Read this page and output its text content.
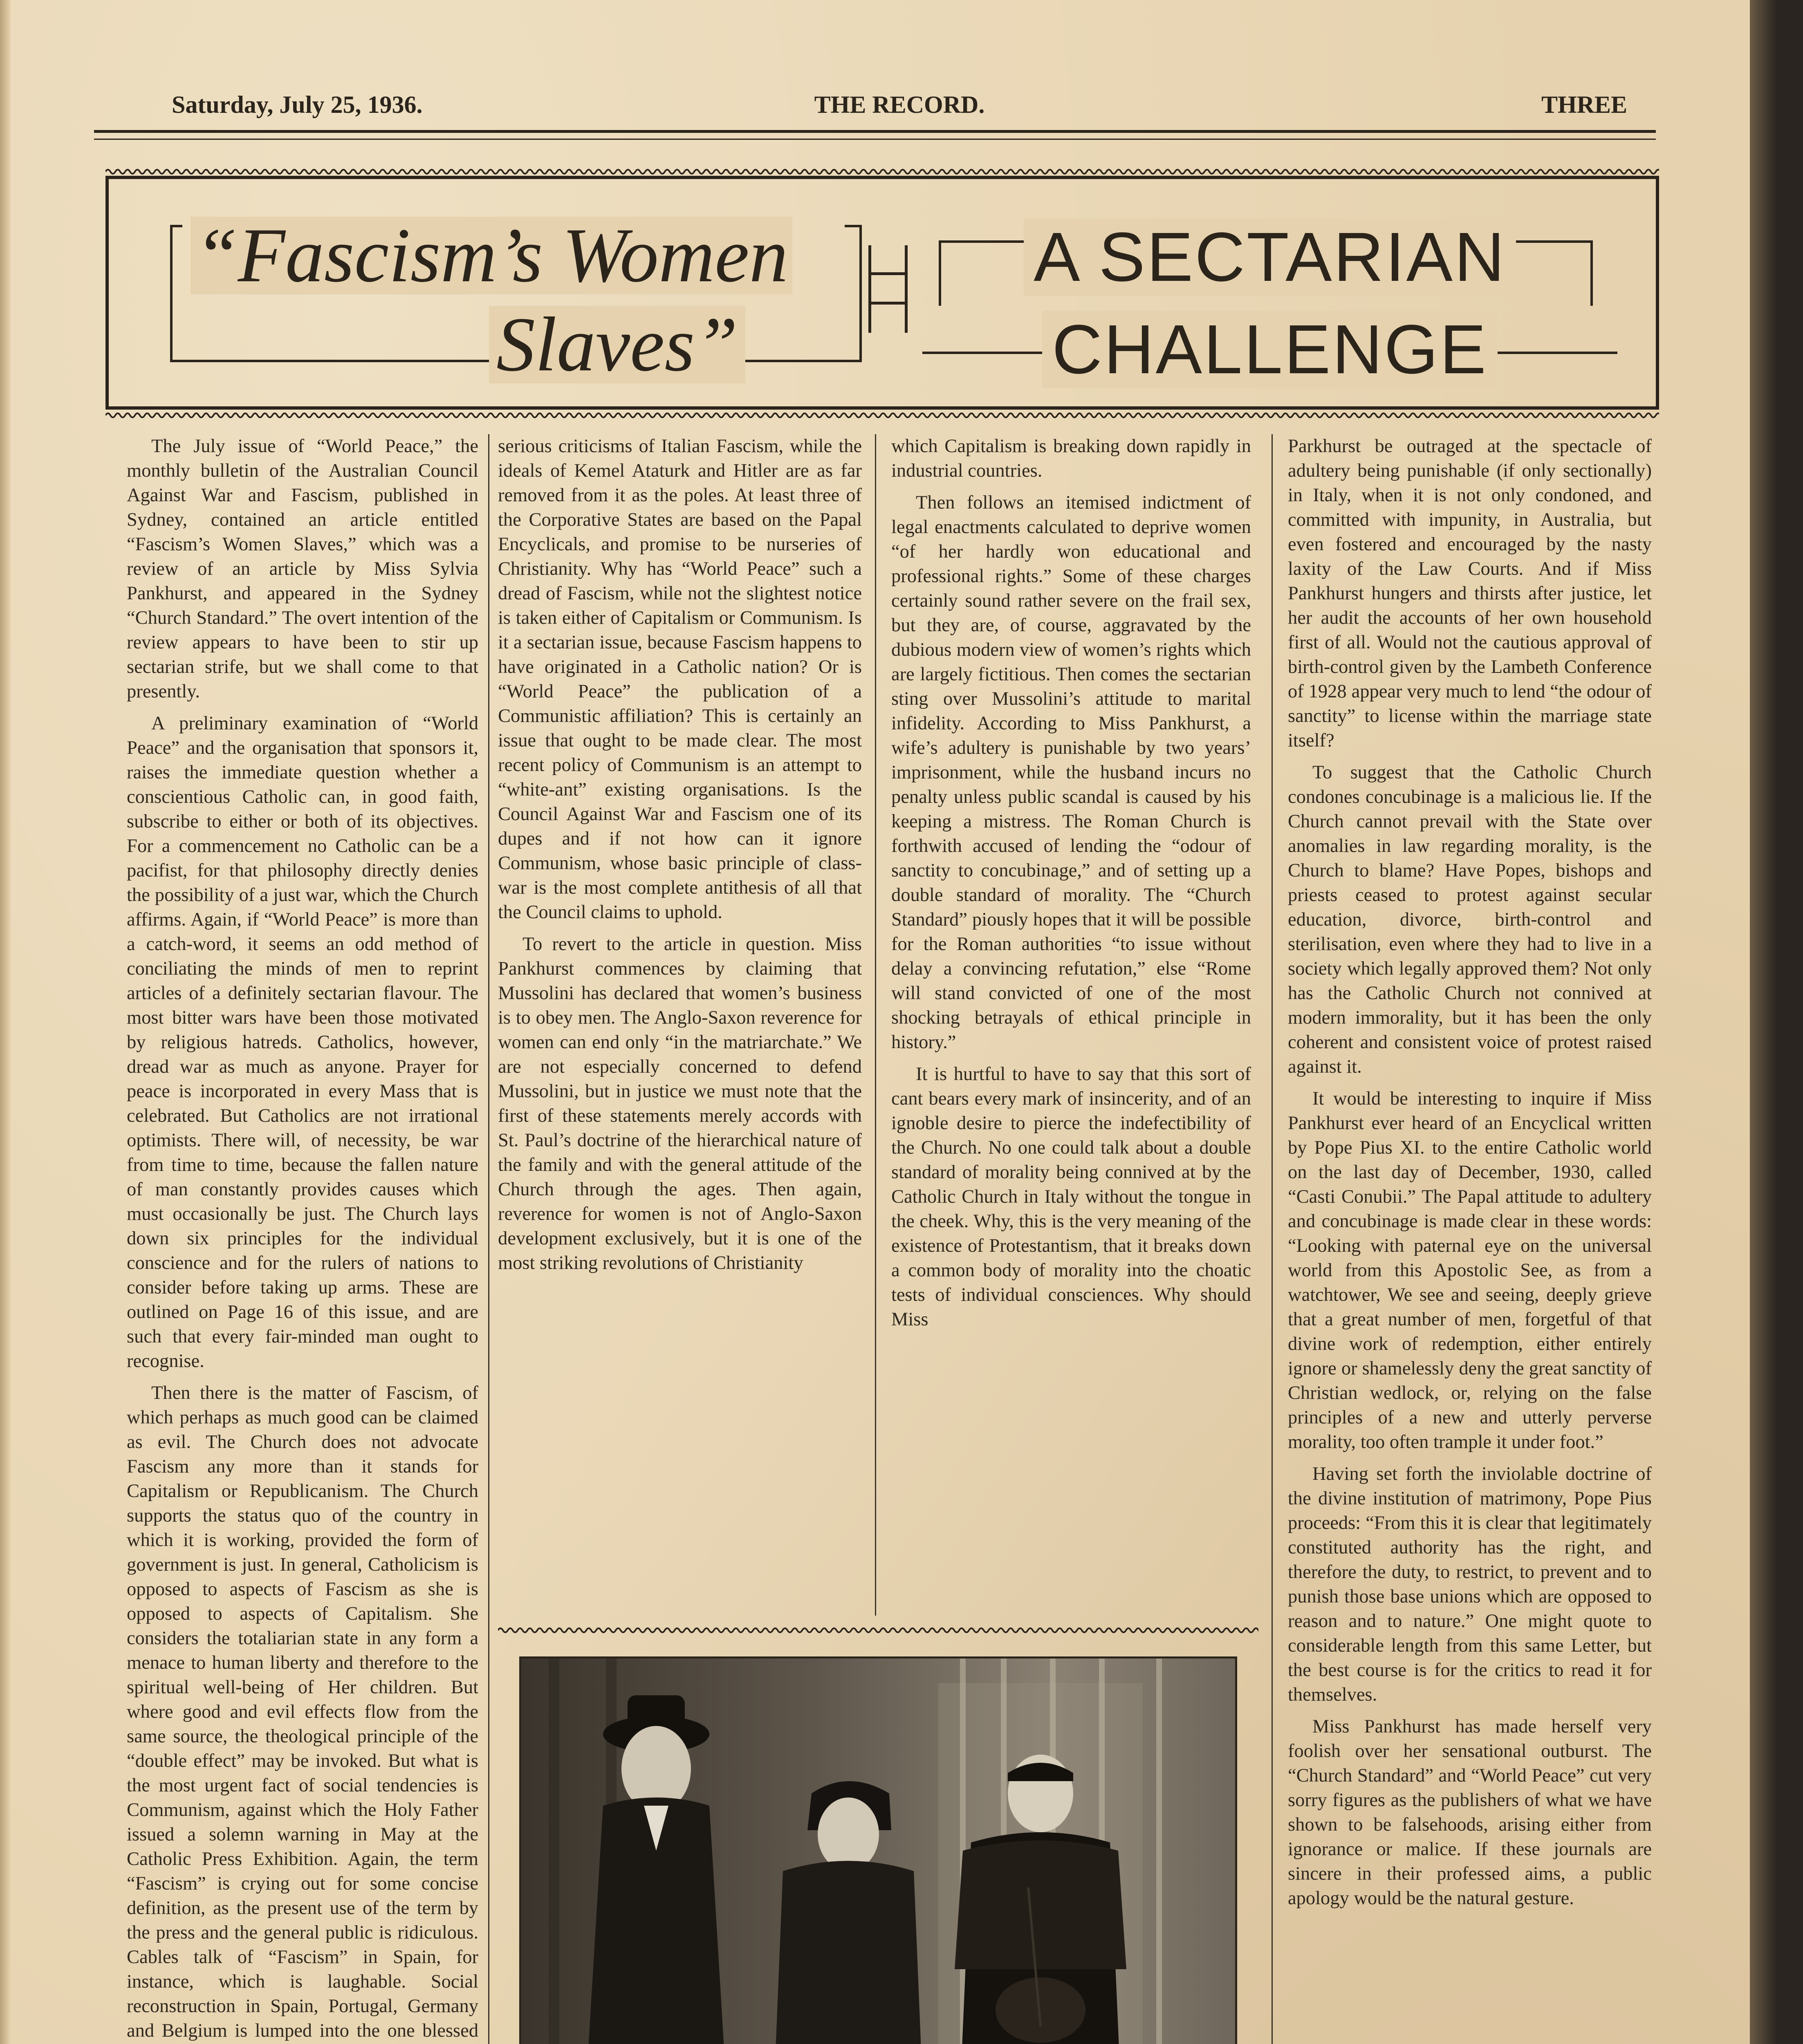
Saturday, July 25, 1936.	THE RECORD.	THREE
“Fascism’s Women
Slaves”
A SECTARIAN
CHALLENGE

The July issue of “World Peace,” the monthly bulletin of the Australian Council Against War and Fascism, published in Sydney, contained an article entitled “Fascism’s Women Slaves,” which was a review of an article by Miss Sylvia Pankhurst, and appeared in the Sydney “Church Standard.” The overt intention of the review appears to have been to stir up sectarian strife, but we shall come to that presently.

A preliminary examination of “World Peace” and the organisation that sponsors it, raises the immediate question whether a conscientious Catholic can, in good faith, subscribe to either or both of its objectives. For a commencement no Catholic can be a pacifist, for that philosophy directly denies the possibility of a just war, which the Church affirms. Again, if “World Peace” is more than a catch-word, it seems an odd method of conciliating the minds of men to reprint articles of a definitely sectarian flavour. The most bitter wars have been those motivated by religious hatreds. Catholics, however, dread war as much as anyone. Prayer for peace is incorporated in every Mass that is celebrated. But Catholics are not irrational optimists. There will, of necessity, be war from time to time, because the fallen nature of man constantly provides causes which must occasionally be just. The Church lays down six principles for the individual conscience and for the rulers of nations to consider before taking up arms. These are outlined on Page 16 of this issue, and are such that every fair-minded man ought to recognise.

Then there is the matter of Fascism, of which perhaps as much good can be claimed as evil. The Church does not advocate Fascism any more than it stands for Capitalism or Republicanism. The Church supports the status quo of the country in which it is working, provided the form of government is just. In general, Catholicism is opposed to aspects of Fascism as she is opposed to aspects of Capitalism. She considers the totaliarian state in any form a menace to human liberty and therefore to the spiritual well-being of Her children. But where good and evil effects flow from the same source, the theological principle of the “double effect” may be invoked. But what is the most urgent fact of social tendencies is Communism, against which the Holy Father issued a solemn warning in May at the Catholic Press Exhibition. Again, the term “Fascism” is crying out for some concise definition, as the present use of the term by the press and the general public is ridiculous. Cables talk of “Fascism” in Spain, for instance, which is laughable. Social reconstruction in Spain, Portugal, Germany and Belgium is lumped into the one blessed

serious criticisms of Italian Fascism, while the ideals of Kemel Ataturk and Hitler are as far removed from it as the poles. At least three of the Corporative States are based on the Papal Encyclicals, and promise to be nurseries of Christianity. Why has “World Peace” such a dread of Fascism, while not the slightest notice is taken either of Capitalism or Communism. Is it a sectarian issue, because Fascism happens to have originated in a Catholic nation? Or is “World Peace” the publication of a Communistic affiliation? This is certainly an issue that ought to be made clear. The most recent policy of Communism is an attempt to “white-ant” existing organisations. Is the Council Against War and Fascism one of its dupes and if not how can it ignore Communism, whose basic principle of class-war is the most complete antithesis of all that the Council claims to uphold.

To revert to the article in question. Miss Pankhurst commences by claiming that Mussolini has declared that women’s business is to obey men. The Anglo-Saxon reverence for women can end only “in the matriarchate.” We are not especially concerned to defend Mussolini, but in justice we must note that the first of these statements merely accords with St. Paul’s doctrine of the hierarchical nature of the family and with the general attitude of the Church through the ages. Then again, reverence for women is not of Anglo-Saxon development exclusively, but it is one of the most striking revolutions of Christianity

which Capitalism is breaking down rapidly in industrial countries.

Then follows an itemised indictment of legal enactments calculated to deprive women “of her hardly won educational and professional rights.” Some of these charges certainly sound rather severe on the frail sex, but they are, of course, aggravated by the dubious modern view of women’s rights which are largely fictitious. Then comes the sectarian sting over Mussolini’s attitude to marital infidelity. According to Miss Pankhurst, a wife’s adultery is punishable by two years’ imprisonment, while the husband incurs no penalty unless public scandal is caused by his keeping a mistress. The Roman Church is forthwith accused of lending the “odour of sanctity to concubinage,” and of setting up a double standard of morality. The “Church Standard” piously hopes that it will be possible for the Roman authorities “to issue without delay a convincing refutation,” else “Rome will stand convicted of one of the most shocking betrayals of ethical principle in history.”

It is hurtful to have to say that this sort of cant bears every mark of insincerity, and of an ignoble desire to pierce the indefectibility of the Church. No one could talk about a double standard of morality being connived at by the Catholic Church in Italy without the tongue in the cheek. Why, this is the very meaning of the existence of Protestantism, that it breaks down a common body of morality into the choatic tests of individual consciences. Why should Miss

Parkhurst be outraged at the spectacle of adultery being punishable (if only sectionally) in Italy, when it is not only condoned, and committed with impunity, in Australia, but even fostered and encouraged by the nasty laxity of the Law Courts. And if Miss Pankhurst hungers and thirsts after justice, let her audit the accounts of her own household first of all. Would not the cautious approval of birth-control given by the Lambeth Conference of 1928 appear very much to lend “the odour of sanctity” to license within the marriage state itself?

To suggest that the Catholic Church condones concubinage is a malicious lie. If the Church cannot prevail with the State over anomalies in law regarding morality, is the Church to blame? Have Popes, bishops and priests ceased to protest against secular education, divorce, birth-control and sterilisation, even where they had to live in a society which legally approved them? Not only has the Catholic Church not connived at modern immorality, but it has been the only coherent and consistent voice of protest raised against it.

It would be interesting to inquire if Miss Pankhurst ever heard of an Encyclical written by Pope Pius XI. to the entire Catholic world on the last day of December, 1930, called “Casti Conubii.” The Papal attitude to adultery and concubinage is made clear in these words: “Looking with paternal eye on the universal world from this Apostolic See, as from a watchtower, We see and seeing, deeply grieve that a great number of men, forgetful of that divine work of redemption, either entirely ignore or shamelessly deny the great sanctity of Christian wedlock, or, relying on the false principles of a new and utterly perverse morality, too often trample it under foot.”

Having set forth the inviolable doctrine of the divine institution of matrimony, Pope Pius proceeds: “From this it is clear that legitimately constituted authority has the right, and therefore the duty, to restrict, to prevent and to punish those base unions which are opposed to reason and to nature.” One might quote to considerable length from this same Letter, but the best course is for the critics to read it for themselves.

Miss Pankhurst has made herself very foolish over her sensational outburst. The “Church Standard” and “World Peace” cut very sorry figures as the publishers of what we have shown to be falsehoods, arising either from ignorance or malice. If these journals are sincere in their professed aims, a public apology would be the natural gesture.
